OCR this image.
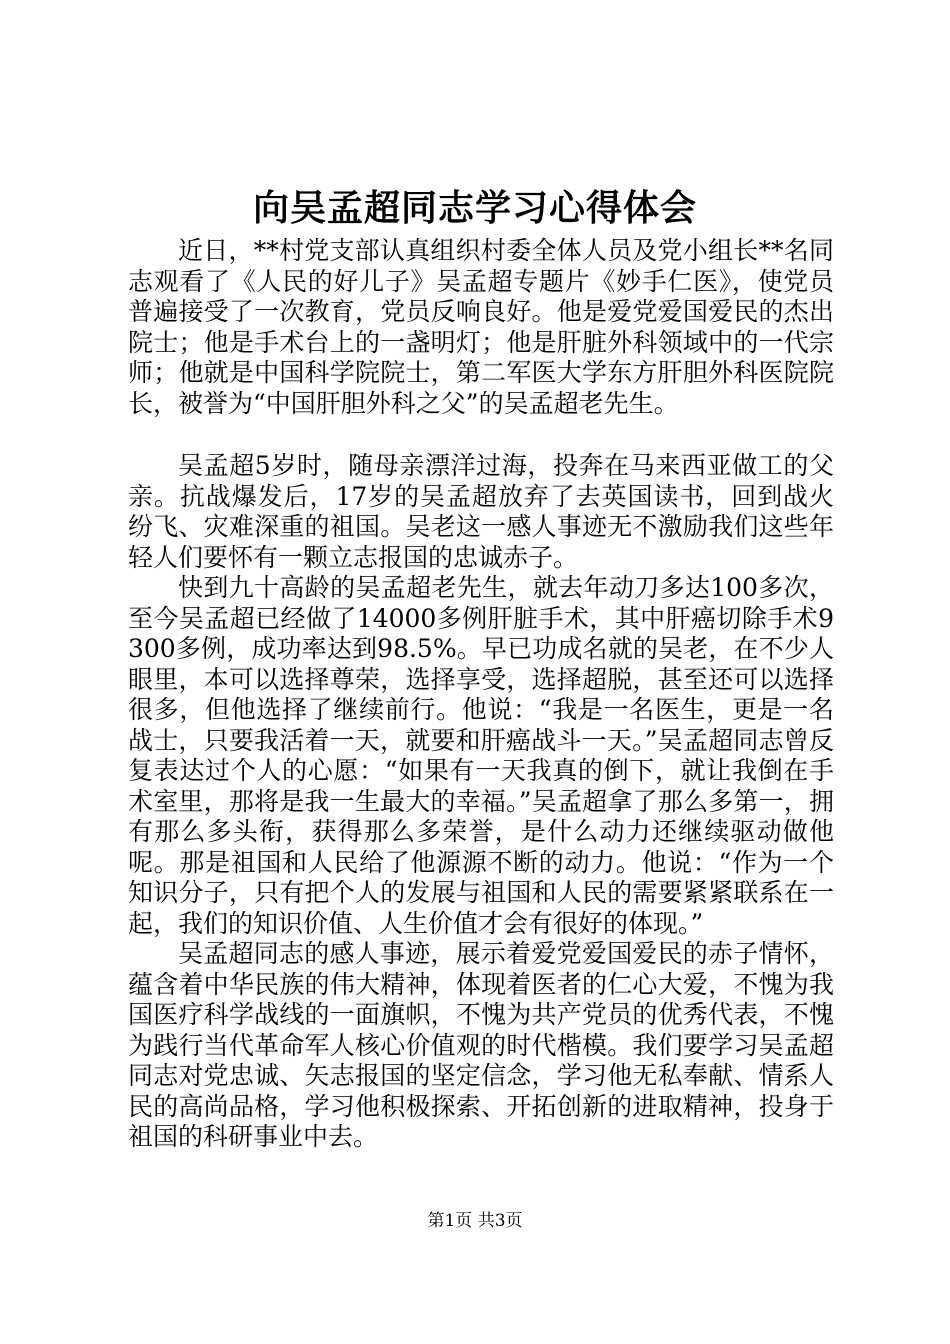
向吴孟超同志学习心得体会

近日，**村党支部认真组织村委全体人员及党小组长**名同志观看了《人民的好儿子》吴孟超专题片《妙手仁医》，使党员普遍接受了一次教育，党员反响良好。他是爱党爱国爱民的杰出院士；他是手术台上的一盏明灯；他是肝脏外科领域中的一代宗师；他就是中国科学院院士，第二军医大学东方肝胆外科医院院长，被誉为“中国肝胆外科之父”的吴孟超老先生。

吴孟超5岁时，随母亲漂洋过海，投奔在马来西亚做工的父亲。抗战爆发后，17岁的吴孟超放弃了去英国读书，回到战火纷飞、灾难深重的祖国。吴老这一感人事迹无不激励我们这些年轻人们要怀有一颗立志报国的忠诚赤子。

快到九十高龄的吴孟超老先生，就去年动刀多达100多次，至今吴孟超已经做了14000多例肝脏手术，其中肝癌切除手术9300多例，成功率达到98.5%。早已功成名就的吴老，在不少人眼里，本可以选择尊荣，选择享受，选择超脱，甚至还可以选择很多，但他选择了继续前行。他说：“我是一名医生，更是一名战士，只要我活着一天，就要和肝癌战斗一天。”吴孟超同志曾反复表达过个人的心愿：“如果有一天我真的倒下，就让我倒在手术室里，那将是我一生最大的幸福。”吴孟超拿了那么多第一，拥有那么多头衔，获得那么多荣誉，是什么动力还继续驱动做他呢。那是祖国和人民给了他源源不断的动力。他说：“作为一个知识分子，只有把个人的发展与祖国和人民的需要紧紧联系在一起，我们的知识价值、人生价值才会有很好的体现。”

吴孟超同志的感人事迹，展示着爱党爱国爱民的赤子情怀，蕴含着中华民族的伟大精神，体现着医者的仁心大爱，不愧为我国医疗科学战线的一面旗帜，不愧为共产党员的优秀代表，不愧为践行当代革命军人核心价值观的时代楷模。我们要学习吴孟超同志对党忠诚、矢志报国的坚定信念，学习他无私奉献、情系人民的高尚品格，学习他积极探索、开拓创新的进取精神，投身于祖国的科研事业中去。

第1页 共3页
